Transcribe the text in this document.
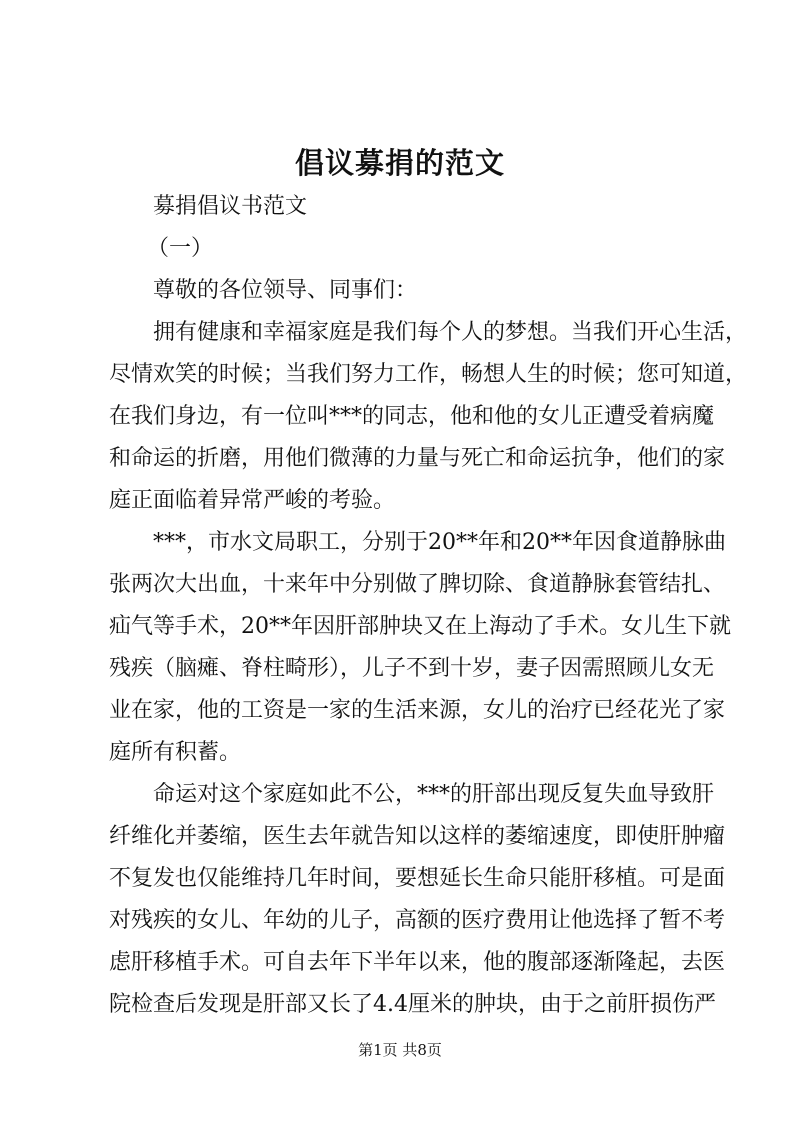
倡议募捐的范文
募捐倡议书范文
（一）
尊敬的各位领导、同事们：
拥有健康和幸福家庭是我们每个人的梦想。当我们开心生活，
尽情欢笑的时候；当我们努力工作，畅想人生的时候；您可知道，
在我们身边，有一位叫***的同志，他和他的女儿正遭受着病魔
和命运的折磨，用他们微薄的力量与死亡和命运抗争，他们的家
庭正面临着异常严峻的考验。
***，市水文局职工，分别于20**年和20**年因食道静脉曲
张两次大出血，十来年中分别做了脾切除、食道静脉套管结扎、
疝气等手术，20**年因肝部肿块又在上海动了手术。女儿生下就
残疾（脑瘫、脊柱畸形），儿子不到十岁，妻子因需照顾儿女无
业在家，他的工资是一家的生活来源，女儿的治疗已经花光了家
庭所有积蓄。
命运对这个家庭如此不公，***的肝部出现反复失血导致肝
纤维化并萎缩，医生去年就告知以这样的萎缩速度，即使肝肿瘤
不复发也仅能维持几年时间，要想延长生命只能肝移植。可是面
对残疾的女儿、年幼的儿子，高额的医疗费用让他选择了暂不考
虑肝移植手术。可自去年下半年以来，他的腹部逐渐隆起，去医
院检查后发现是肝部又长了4.4厘米的肿块，由于之前肝损伤严
第1页 共8页
